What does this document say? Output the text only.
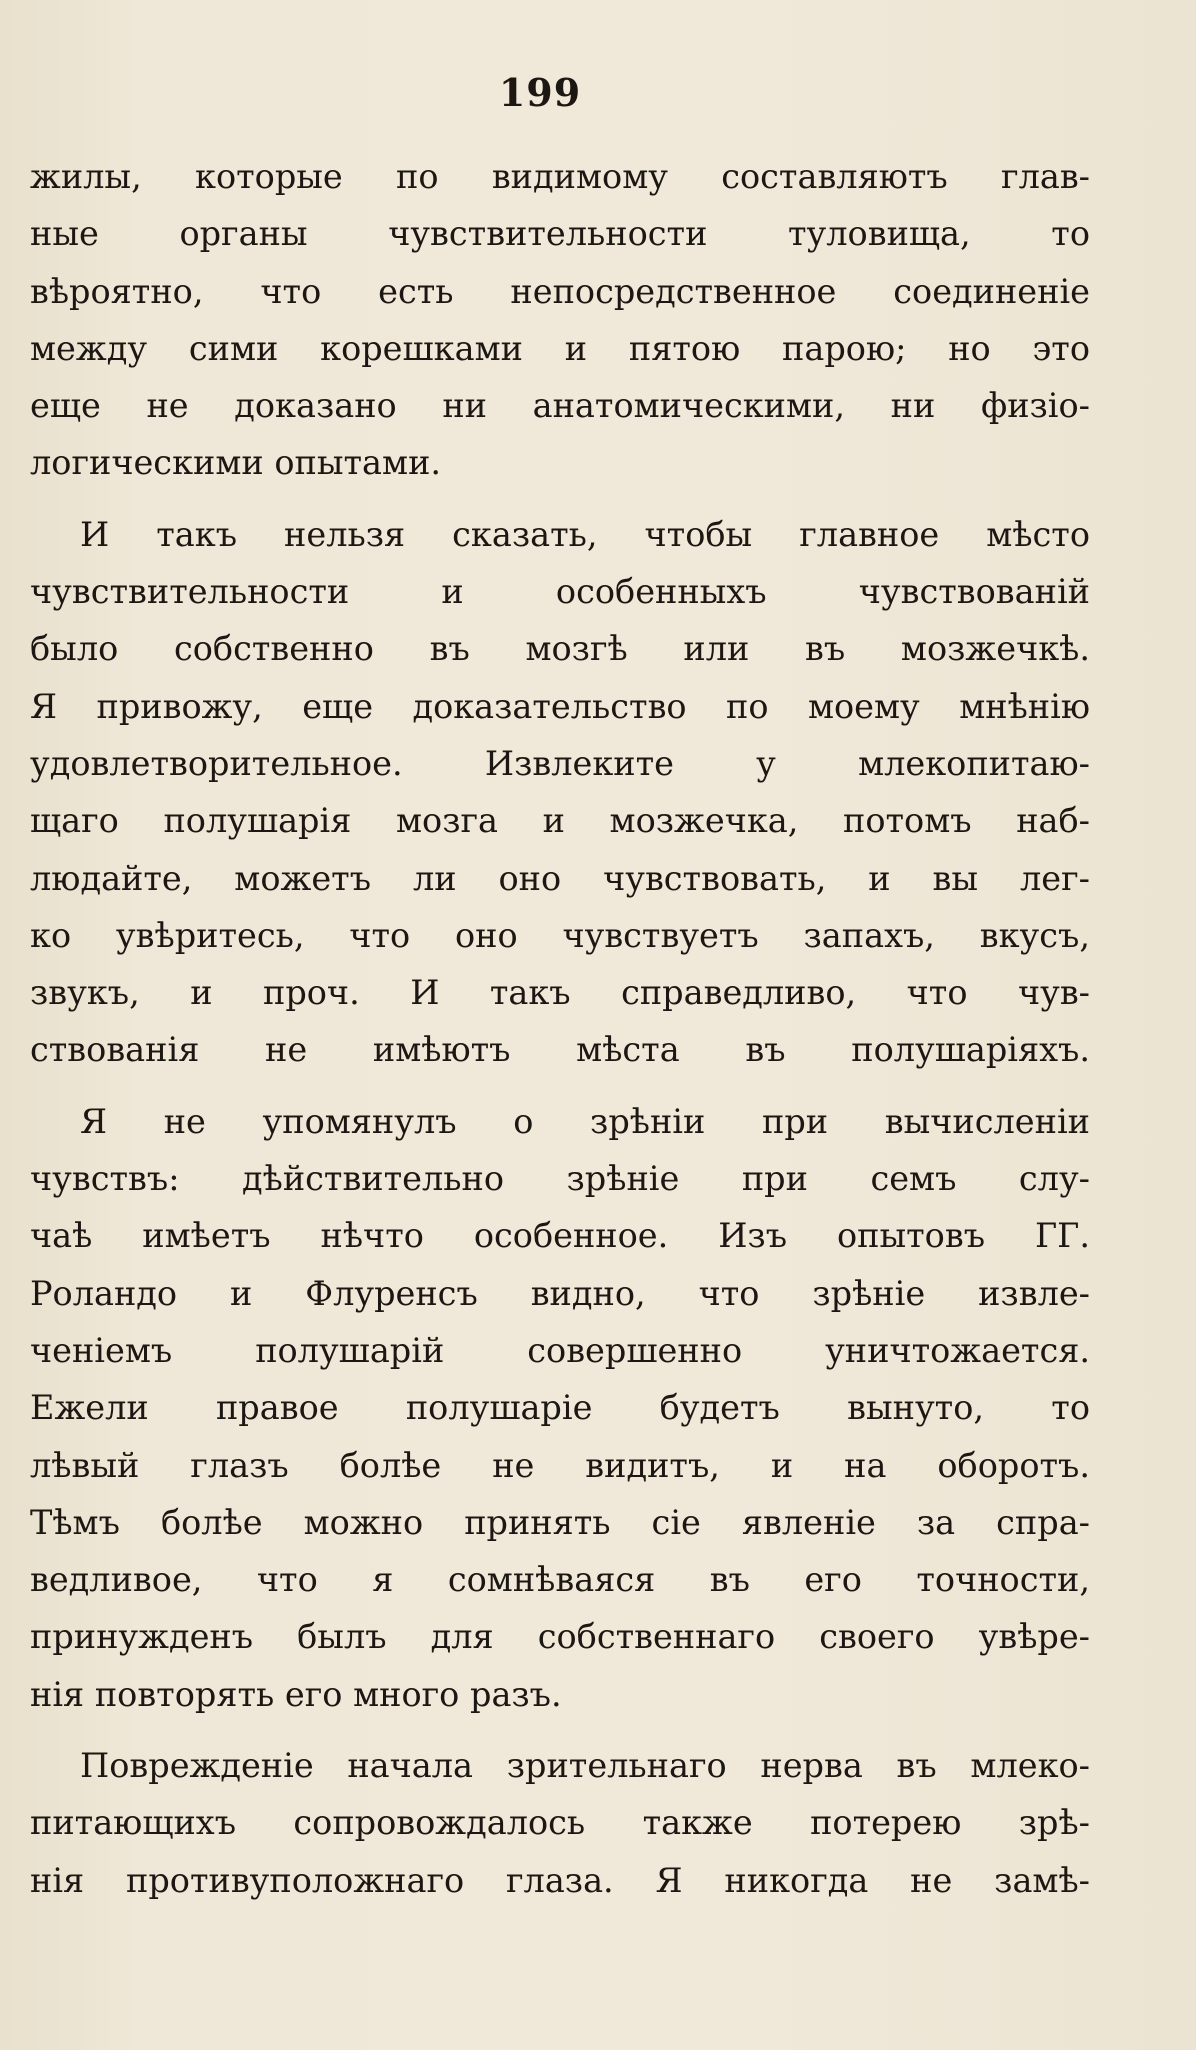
199
жилы, которые по видимому составляютъ глав-
ные органы чувствительности туловища, то
вѣроятно, что есть непосредственное соединеніе
между сими корешками и пятою парою; но это
еще не доказано ни анатомическими, ни физіо-
логическими опытами.
И такъ нельзя сказать, чтобы главное мѣсто
чувствительности и особенныхъ чувствованій
было собственно въ мозгѣ или въ мозжечкѣ.
Я привожу, еще доказательство по моему мнѣнію
удовлетворительное. Извлеките у млекопитаю-
щаго полушарія мозга и мозжечка, потомъ наб-
людайте, можетъ ли оно чувствовать, и вы лег-
ко увѣритесь, что оно чувствуетъ запахъ, вкусъ,
звукъ, и проч. И такъ справедливо, что чув-
ствованія не имѣютъ мѣста въ полушаріяхъ.
Я не упомянулъ о зрѣніи при вычисленіи
чувствъ: дѣйствительно зрѣніе при семъ слу-
чаѣ имѣетъ нѣчто особенное. Изъ опытовъ ГГ.
Роландо и Флуренсъ видно, что зрѣніе извле-
ченіемъ полушарій совершенно уничтожается.
Ежели правое полушаріе будетъ вынуто, то
лѣвый глазъ болѣе не видитъ, и на оборотъ.
Тѣмъ болѣе можно принять сіе явленіе за спра-
ведливое, что я сомнѣваяся въ его точности,
принужденъ былъ для собственнаго своего увѣре-
нія повторять его много разъ.
Поврежденіе начала зрительнаго нерва въ млеко-
питающихъ сопровождалось также потерею зрѣ-
нія противуположнаго глаза. Я никогда не замѣ-
